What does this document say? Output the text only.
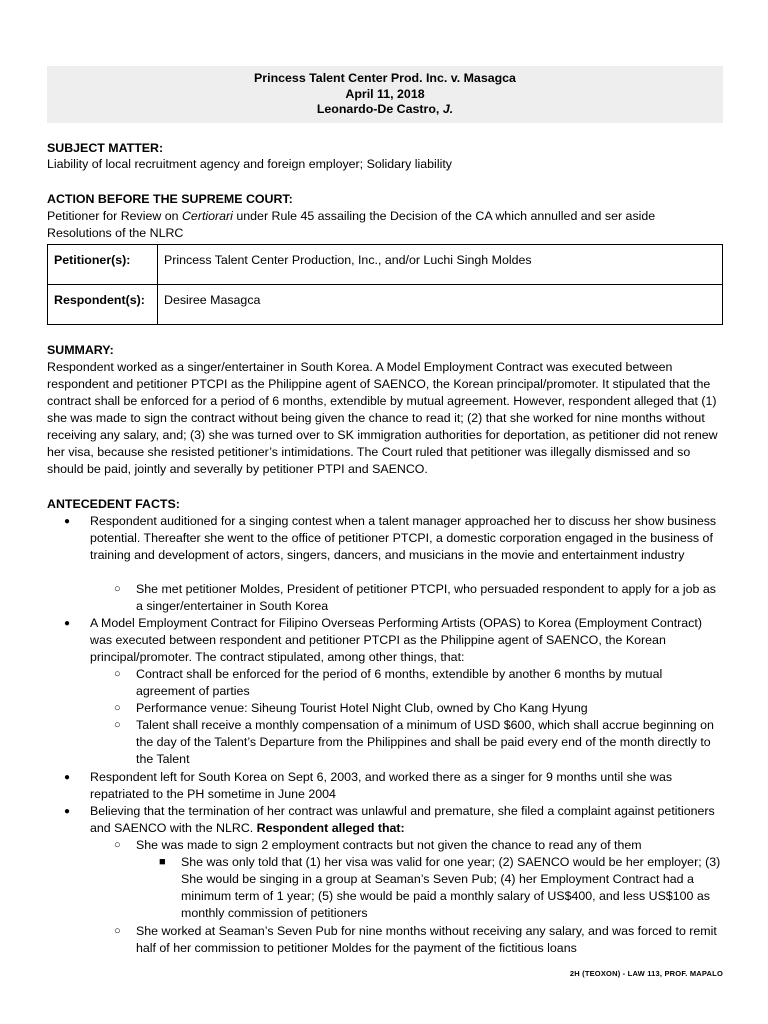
Princess Talent Center Prod. Inc. v. Masagca
April 11, 2018
Leonardo-De Castro, J.
SUBJECT MATTER:
Liability of local recruitment agency and foreign employer; Solidary liability
ACTION BEFORE THE SUPREME COURT:
Petitioner for Review on Certiorari under Rule 45 assailing the Decision of the CA which annulled and ser aside Resolutions of the NLRC
Petitioner(s):	Princess Talent Center Production, Inc., and/or Luchi Singh Moldes
Respondent(s):	Desiree Masagca
SUMMARY:
Respondent worked as a singer/entertainer in South Korea. A Model Employment Contract was executed between respondent and petitioner PTCPI as the Philippine agent of SAENCO, the Korean principal/promoter. It stipulated that the contract shall be enforced for a period of 6 months, extendible by mutual agreement. However, respondent alleged that (1) she was made to sign the contract without being given the chance to read it; (2) that she worked for nine months without receiving any salary, and; (3) she was turned over to SK immigration authorities for deportation, as petitioner did not renew her visa, because she resisted petitioner’s intimidations. The Court ruled that petitioner was illegally dismissed and so should be paid, jointly and severally by petitioner PTPI and SAENCO.
ANTECEDENT FACTS:
● Respondent auditioned for a singing contest when a talent manager approached her to discuss her show business potential. Thereafter she went to the office of petitioner PTCPI, a domestic corporation engaged in the business of training and development of actors, singers, dancers, and musicians in the movie and entertainment industry
○ She met petitioner Moldes, President of petitioner PTCPI, who persuaded respondent to apply for a job as a singer/entertainer in South Korea
● A Model Employment Contract for Filipino Overseas Performing Artists (OPAS) to Korea (Employment Contract) was executed between respondent and petitioner PTCPI as the Philippine agent of SAENCO, the Korean principal/promoter. The contract stipulated, among other things, that:
○ Contract shall be enforced for the period of 6 months, extendible by another 6 months by mutual agreement of parties
○ Performance venue: Siheung Tourist Hotel Night Club, owned by Cho Kang Hyung
○ Talent shall receive a monthly compensation of a minimum of USD $600, which shall accrue beginning on the day of the Talent’s Departure from the Philippines and shall be paid every end of the month directly to the Talent
● Respondent left for South Korea on Sept 6, 2003, and worked there as a singer for 9 months until she was repatriated to the PH sometime in June 2004
● Believing that the termination of her contract was unlawful and premature, she filed a complaint against petitioners and SAENCO with the NLRC. Respondent alleged that:
○ She was made to sign 2 employment contracts but not given the chance to read any of them
■ She was only told that (1) her visa was valid for one year; (2) SAENCO would be her employer; (3) She would be singing in a group at Seaman’s Seven Pub; (4) her Employment Contract had a minimum term of 1 year; (5) she would be paid a monthly salary of US$400, and less US$100 as monthly commission of petitioners
○ She worked at Seaman’s Seven Pub for nine months without receiving any salary, and was forced to remit half of her commission to petitioner Moldes for the payment of the fictitious loans
2H (TEOXON) - LAW 113, PROF. MAPALO
